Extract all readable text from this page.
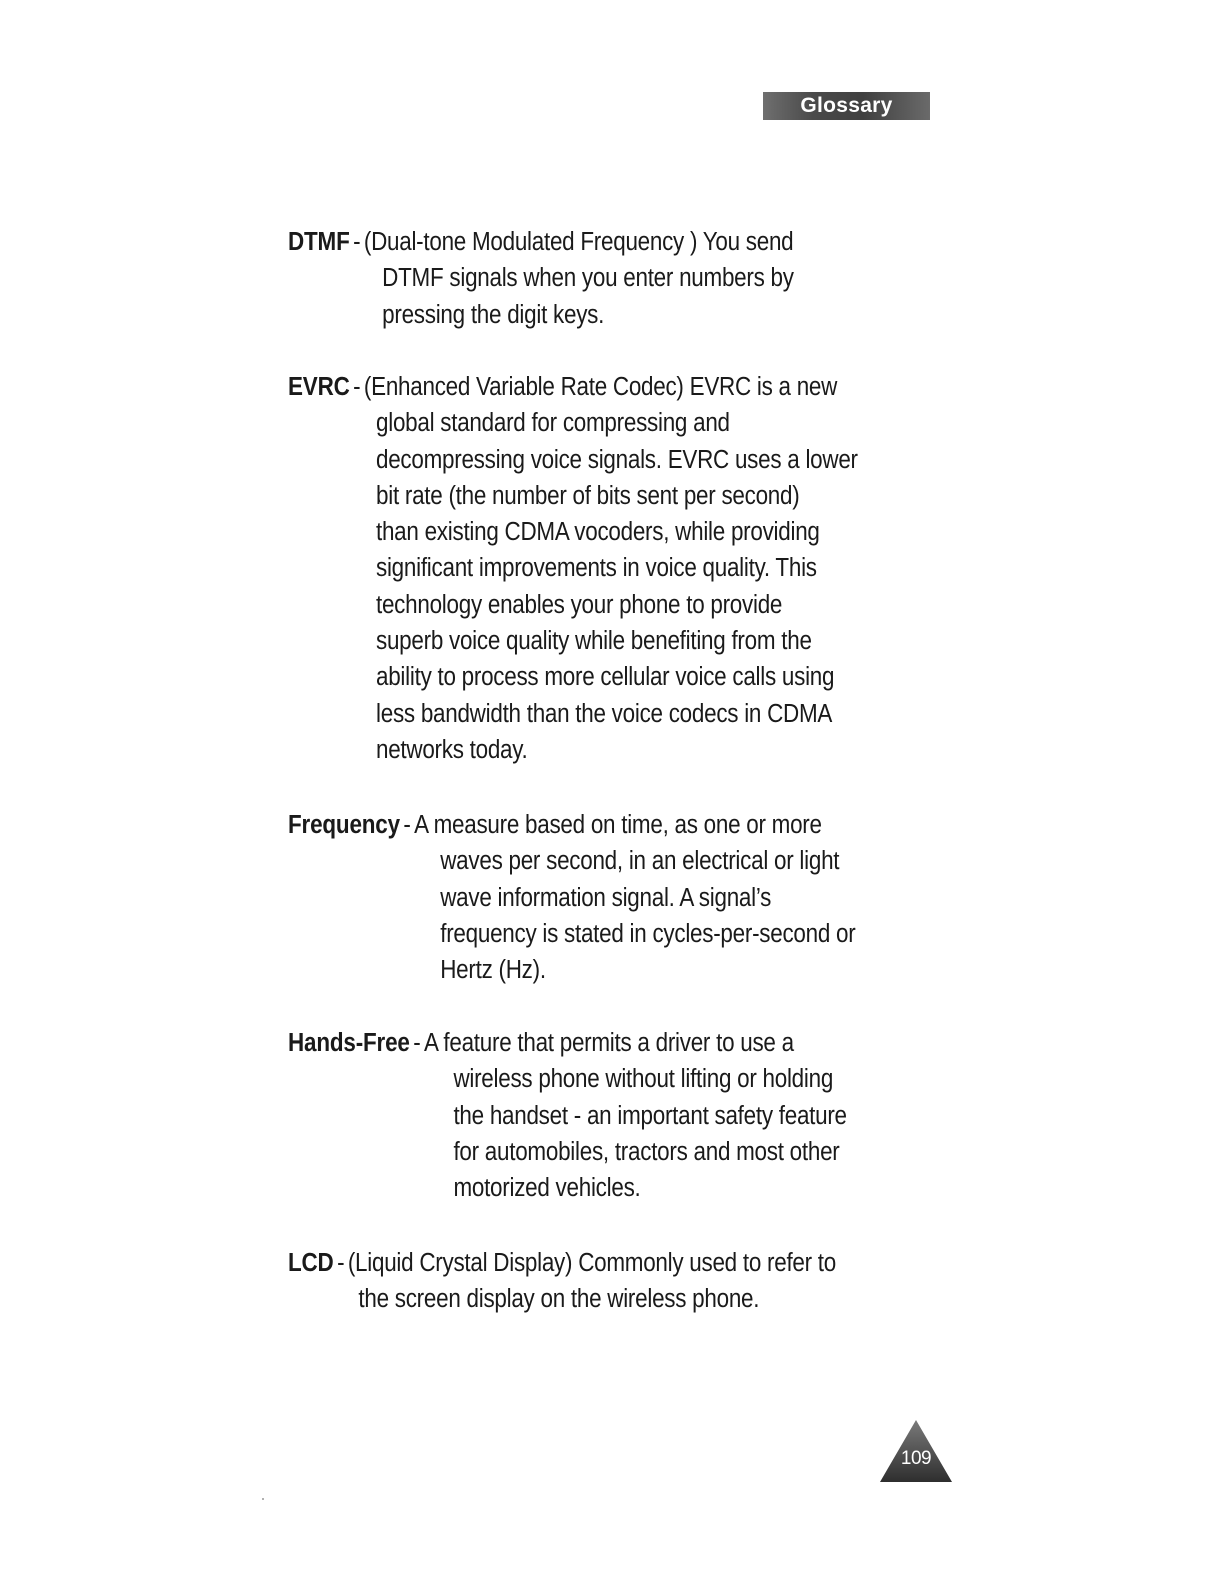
Glossary
DTMF - (Dual-tone Modulated Frequency ) You send
DTMF signals when you enter numbers by
pressing the digit keys.
EVRC - (Enhanced Variable Rate Codec) EVRC is a new
global standard for compressing and
decompressing voice signals. EVRC uses a lower
bit rate (the number of bits sent per second)
than existing CDMA vocoders, while providing
significant improvements in voice quality. This
technology enables your phone to provide
superb voice quality while benefiting from the
ability to process more cellular voice calls using
less bandwidth than the voice codecs in CDMA
networks today.
Frequency - A measure based on time, as one or more
waves per second, in an electrical or light
wave information signal. A signal’s
frequency is stated in cycles-per-second or
Hertz (Hz).
Hands-Free - A feature that permits a driver to use a
wireless phone without lifting or holding
the handset - an important safety feature
for automobiles, tractors and most other
motorized vehicles.
LCD - (Liquid Crystal Display) Commonly used to refer to
the screen display on the wireless phone.
109
